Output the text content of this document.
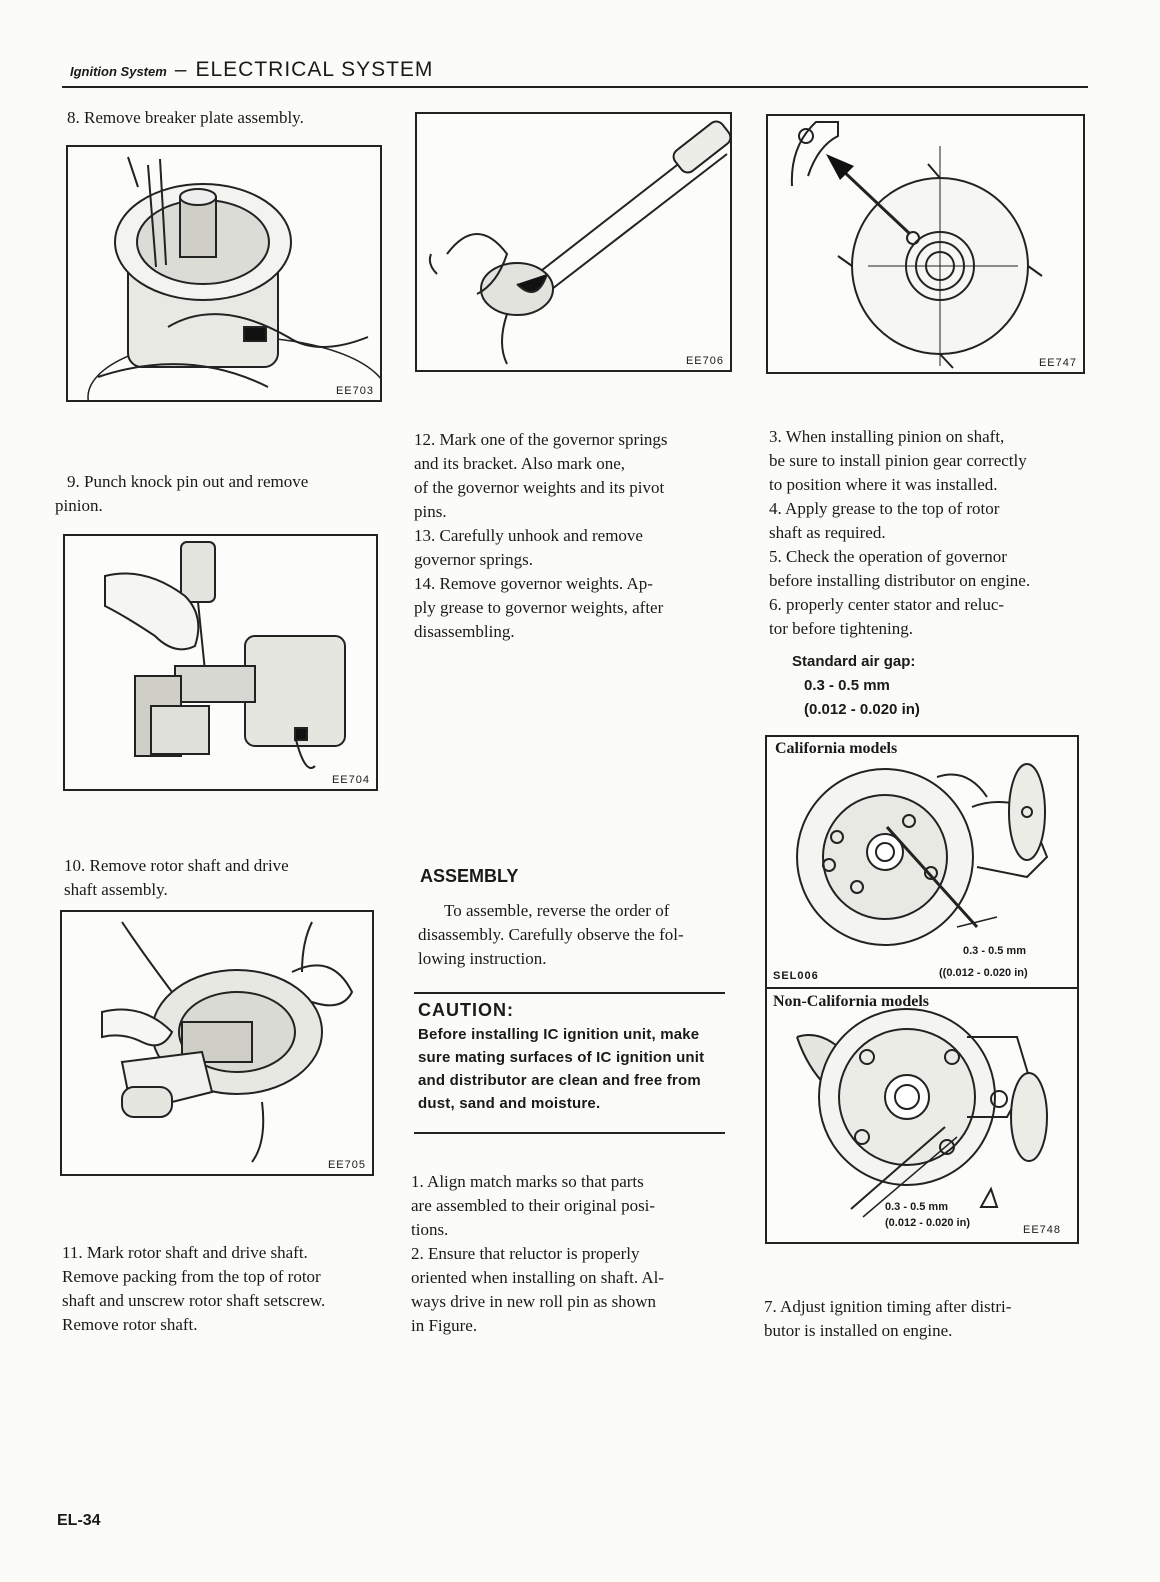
Ignition System – ELECTRICAL SYSTEM
8. Remove breaker plate assembly.
EE703
9. Punch knock pin out and remove
pinion.
EE704
10. Remove rotor shaft and drive
shaft assembly.
EE705
11. Mark rotor shaft and drive shaft.
Remove packing from the top of rotor
shaft and unscrew rotor shaft setscrew.
Remove rotor shaft.
EE706
12. Mark one of the governor springs
and its bracket. Also mark one,
of the governor weights and its pivot
pins.
13. Carefully unhook and remove
governor springs.
14. Remove governor weights. Ap-
ply grease to governor weights, after
disassembling.
ASSEMBLY
To assemble, reverse the order of
disassembly. Carefully observe the fol-
lowing instruction.
CAUTION:
Before installing IC ignition unit, make
sure mating surfaces of IC ignition unit
and distributor are clean and free from
dust, sand and moisture.
1. Align match marks so that parts
are assembled to their original posi-
tions.
2. Ensure that reluctor is properly
oriented when installing on shaft. Al-
ways drive in new roll pin as shown
in Figure.
EE747
3. When installing pinion on shaft,
be sure to install pinion gear correctly
to position where it was installed.
4. Apply grease to the top of rotor
shaft as required.
5. Check the operation of governor
before installing distributor on engine.
6. properly center stator and reluc-
tor before tightening.
Standard air gap:
0.3 - 0.5 mm
(0.012 - 0.020 in)
California models
0.3 - 0.5 mm
SEL006	((0.012 - 0.020 in)
Non-California models
0.3 - 0.5 mm
(0.012 - 0.020 in)
EE748
7. Adjust ignition timing after distri-
butor is installed on engine.
EL-34
